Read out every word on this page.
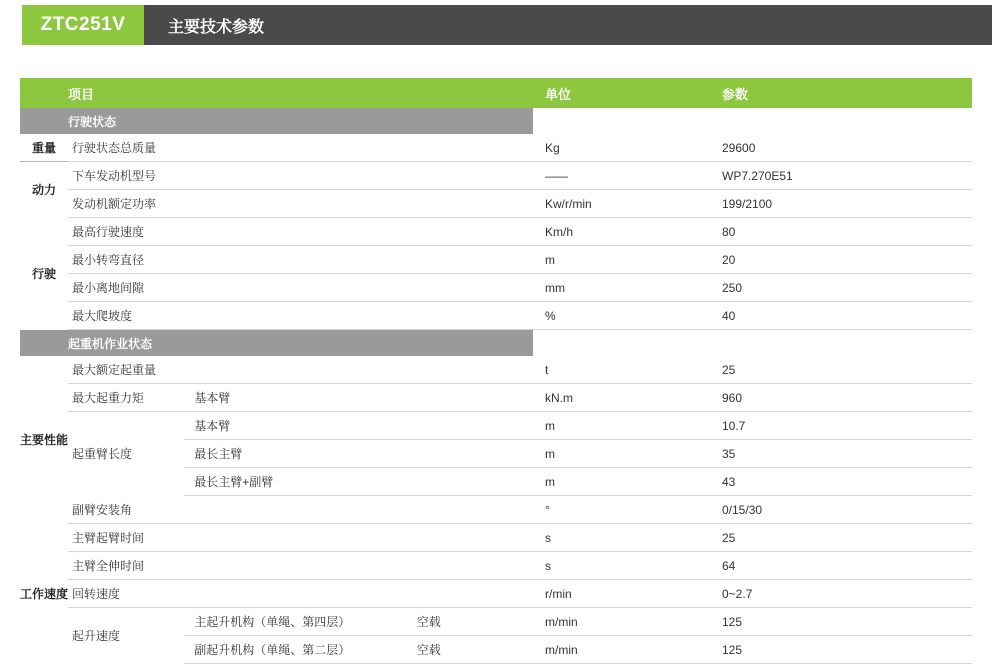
ZTC251V	主要技术参数
	项目			单位	参数
	行驶状态				
重量	行驶状态总质量			Kg	29600
动力	下车发动机型号			——	WP7.270E51
	发动机额定功率			Kw/r/min	199/2100
行驶	最高行驶速度			Km/h	80
	最小转弯直径			m	20
	最小离地间隙			mm	250
	最大爬坡度			%	40
	起重机作业状态				
主要性能	最大额定起重量			t	25
	最大起重力矩	基本臂		kN.m	960
	起重臂长度	基本臂		m	10.7
		最长主臂		m	35
		最长主臂+副臂		m	43
	副臂安装角			°	0/15/30
工作速度	主臂起臂时间			s	25
	主臂全伸时间			s	64
	回转速度			r/min	0~2.7
	起升速度	主起升机构（单绳、第四层）	空载	m/min	125
		副起升机构（单绳、第二层）	空载	m/min	125
